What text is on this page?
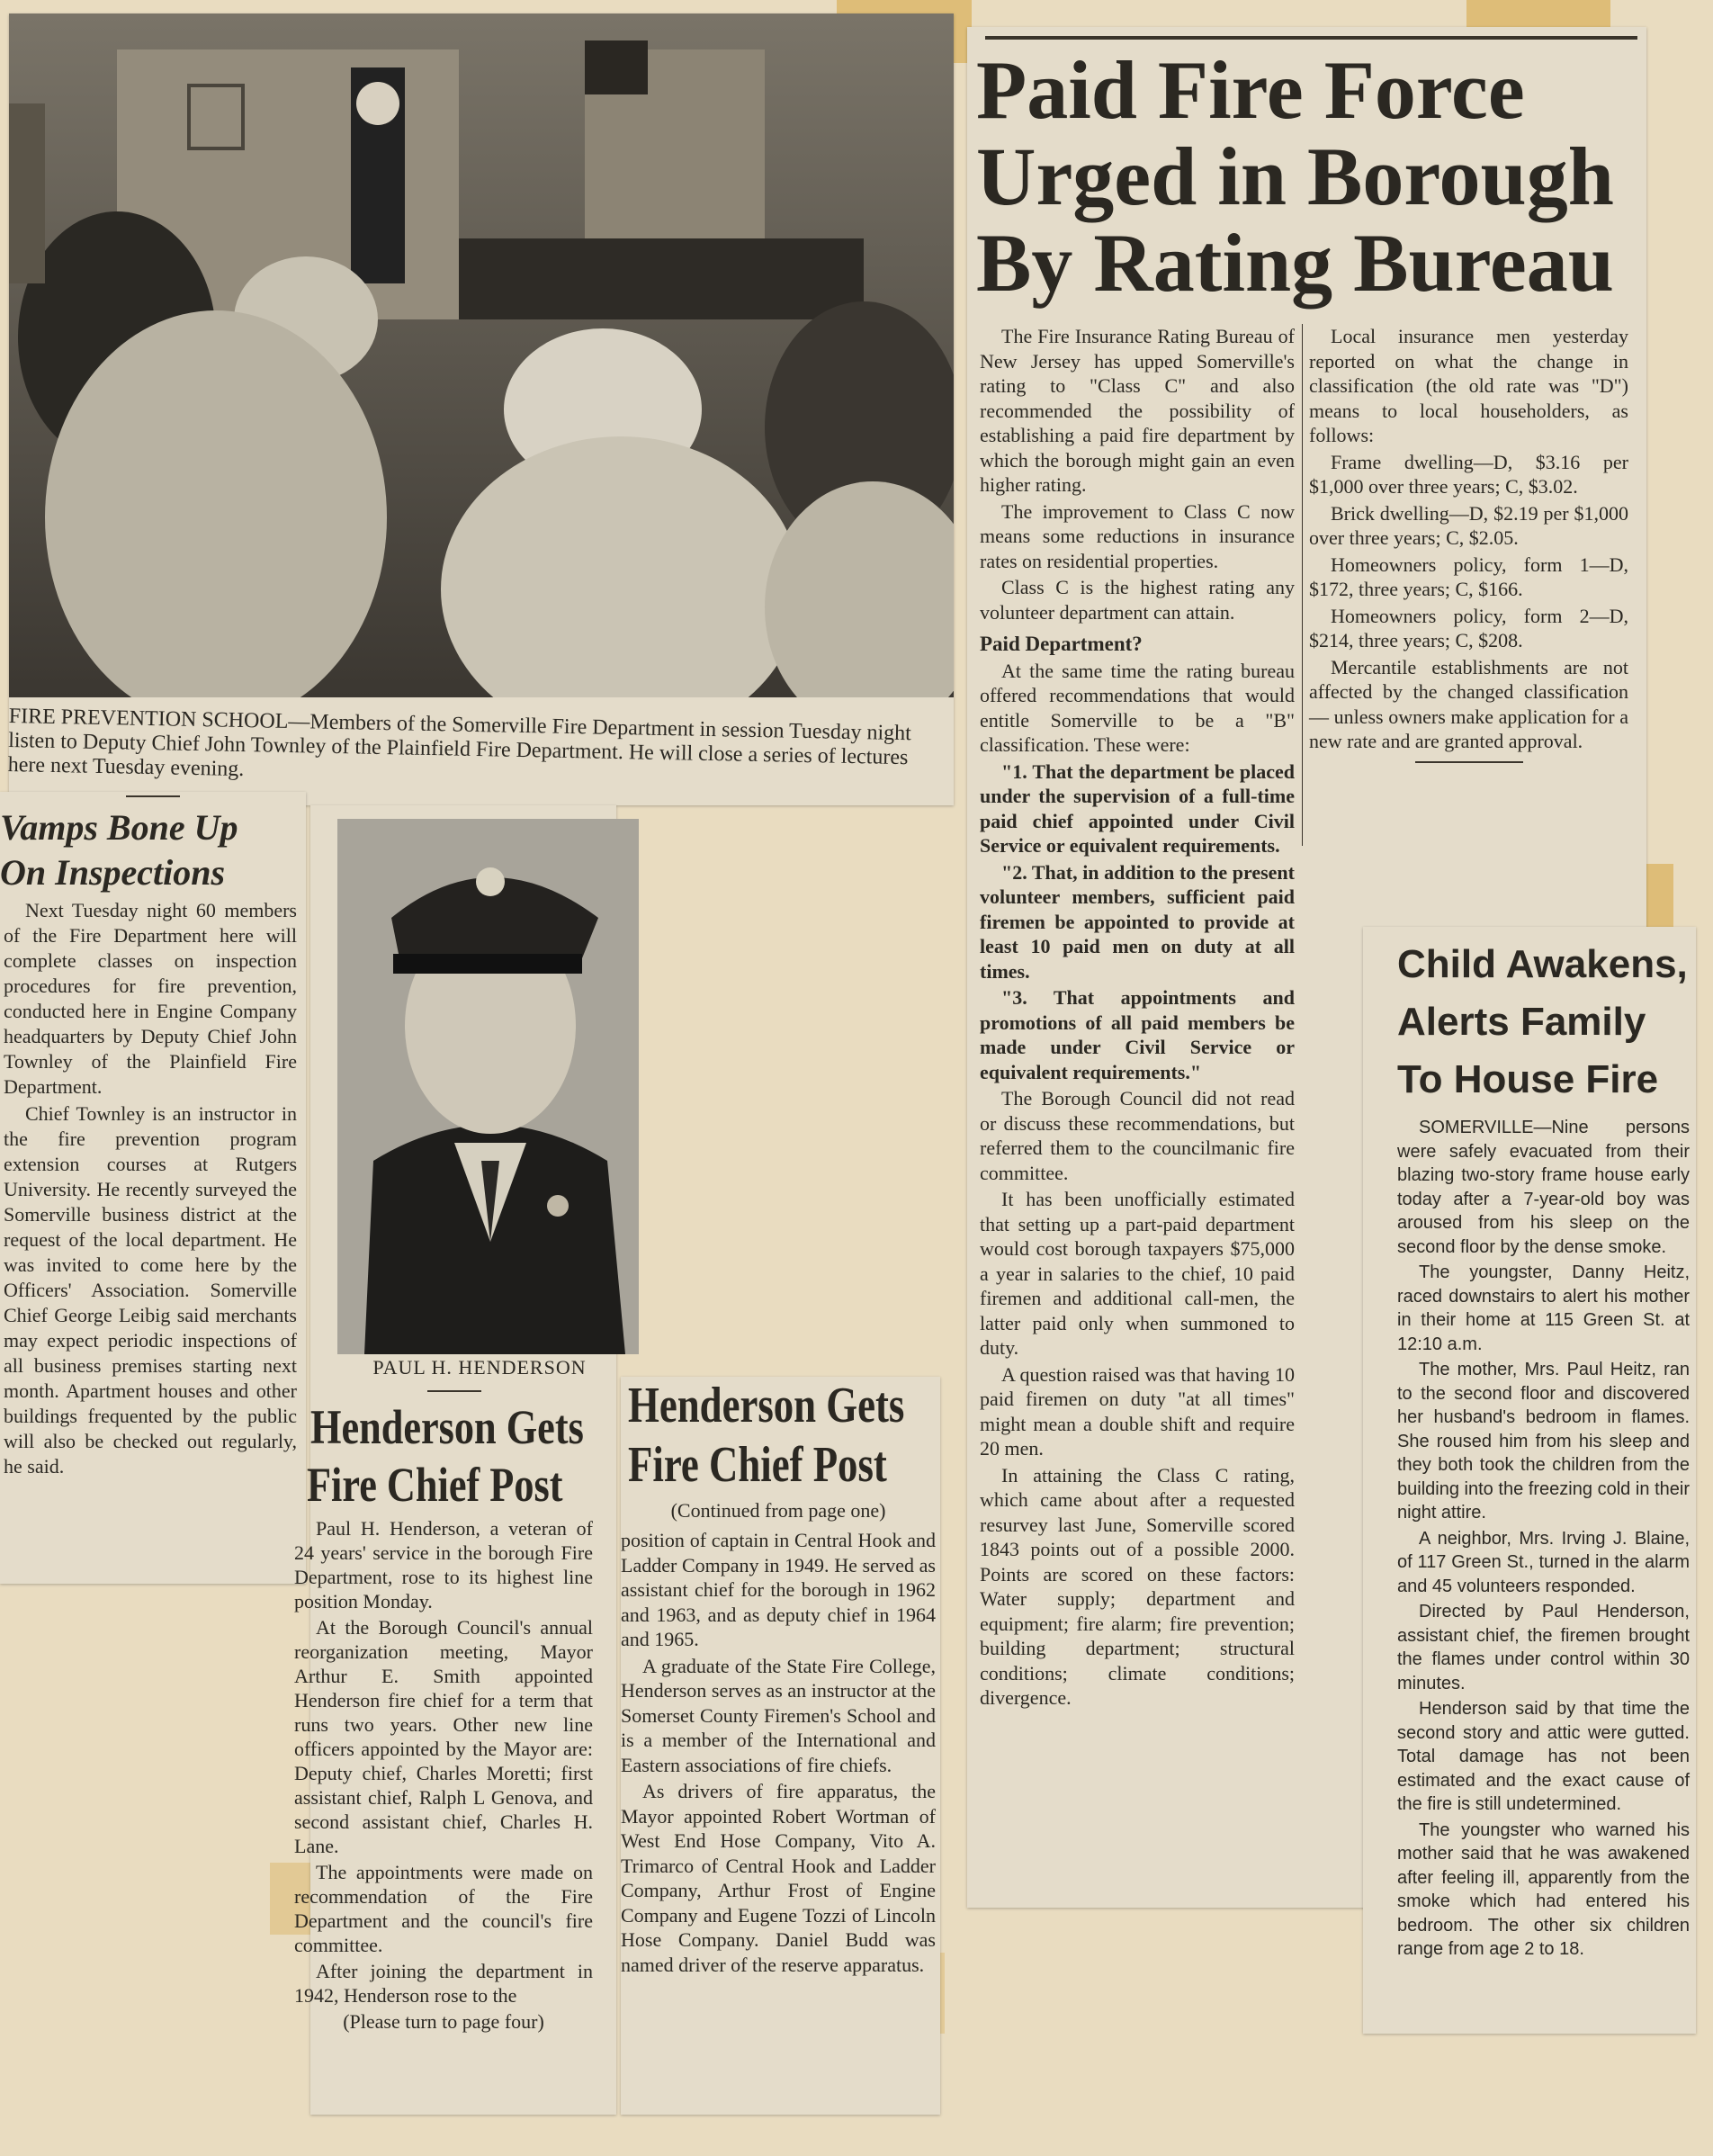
FIRE PREVENTION SCHOOL—Members of the Somerville Fire Department in session Tuesday night listen to Deputy Chief John Townley of the Plainfield Fire Department. He will close a series of lectures here next Tuesday evening.
Vamps Bone Up
On Inspections

Next Tuesday night 60 members of the Fire Department here will complete classes on inspection procedures for fire prevention, conducted here in Engine Company headquarters by Deputy Chief John Townley of the Plainfield Fire Department.

Chief Townley is an instructor in the fire prevention program extension courses at Rutgers University. He recently surveyed the Somerville business district at the request of the local department. He was invited to come here by the Officers' Association. Somerville Chief George Leibig said merchants may expect periodic inspections of all business premises starting next month. Apartment houses and other buildings frequented by the public will also be checked out regularly, he said.

PAUL H. HENDERSON
Henderson Gets
Fire Chief Post

Paul H. Henderson, a veteran of 24 years' service in the borough Fire Department, rose to its highest line position Monday.

At the Borough Council's annual reorganization meeting, Mayor Arthur E. Smith appointed Henderson fire chief for a term that runs two years. Other new line officers appointed by the Mayor are: Deputy chief, Charles Moretti; first assistant chief, Ralph L Genova, and second assistant chief, Charles H. Lane.

The appointments were made on recommendation of the Fire Department and the council's fire committee.

After joining the department in 1942, Henderson rose to the

(Please turn to page four)
Henderson Gets
Fire Chief Post
(Continued from page one)

position of captain in Central Hook and Ladder Company in 1949. He served as assistant chief for the borough in 1962 and 1963, and as deputy chief in 1964 and 1965.

A graduate of the State Fire College, Henderson serves as an instructor at the Somerset County Firemen's School and is a member of the International and Eastern associations of fire chiefs.

As drivers of fire apparatus, the Mayor appointed Robert Wortman of West End Hose Company, Vito A. Trimarco of Central Hook and Ladder Company, Arthur Frost of Engine Company and Eugene Tozzi of Lincoln Hose Company. Daniel Budd was named driver of the reserve apparatus.

Paid Fire Force
Urged in Borough
By Rating Bureau

The Fire Insurance Rating Bureau of New Jersey has upped Somerville's rating to "Class C" and also recommended the possibility of establishing a paid fire department by which the borough might gain an even higher rating.

The improvement to Class C now means some reductions in insurance rates on residential properties.

Class C is the highest rating any volunteer department can attain.

Paid Department?

At the same time the rating bureau offered recommendations that would entitle Somerville to be a "B" classification. These were:

"1. That the department be placed under the supervision of a full-time paid chief appointed under Civil Service or equivalent requirements.

"2. That, in addition to the present volunteer members, sufficient paid firemen be appointed to provide at least 10 paid men on duty at all times.

"3. That appointments and promotions of all paid members be made under Civil Service or equivalent requirements."

The Borough Council did not read or discuss these recommendations, but referred them to the councilmanic fire committee.

It has been unofficially estimated that setting up a part-paid department would cost borough taxpayers $75,000 a year in salaries to the chief, 10 paid firemen and additional call-men, the latter paid only when summoned to duty.

A question raised was that having 10 paid firemen on duty "at all times" might mean a double shift and require 20 men.

In attaining the Class C rating, which came about after a requested resurvey last June, Somerville scored 1843 points out of a possible 2000. Points are scored on these factors: Water supply; department and equipment; fire alarm; fire prevention; building department; structural conditions; climate conditions; divergence.

Local insurance men yesterday reported on what the change in classification (the old rate was "D") means to local householders, as follows:

Frame dwelling—D, $3.16 per $1,000 over three years; C, $3.02.

Brick dwelling—D, $2.19 per $1,000 over three years; C, $2.05.

Homeowners policy, form 1—D, $172, three years; C, $166.

Homeowners policy, form 2—D, $214, three years; C, $208.

Mercantile establishments are not affected by the changed classification — unless owners make application for a new rate and are granted approval.

Child Awakens,
Alerts Family
To House Fire

SOMERVILLE—Nine persons were safely evacuated from their blazing two-story frame house early today after a 7-year-old boy was aroused from his sleep on the second floor by the dense smoke.

The youngster, Danny Heitz, raced downstairs to alert his mother in their home at 115 Green St. at 12:10 a.m.

The mother, Mrs. Paul Heitz, ran to the second floor and discovered her husband's bedroom in flames. She roused him from his sleep and they both took the children from the building into the freezing cold in their night attire.

A neighbor, Mrs. Irving J. Blaine, of 117 Green St., turned in the alarm and 45 volunteers responded.

Directed by Paul Henderson, assistant chief, the firemen brought the flames under control within 30 minutes.

Henderson said by that time the second story and attic were gutted. Total damage has not been estimated and the exact cause of the fire is still undetermined.

The youngster who warned his mother said that he was awakened after feeling ill, apparently from the smoke which had entered his bedroom. The other six children range from age 2 to 18.
